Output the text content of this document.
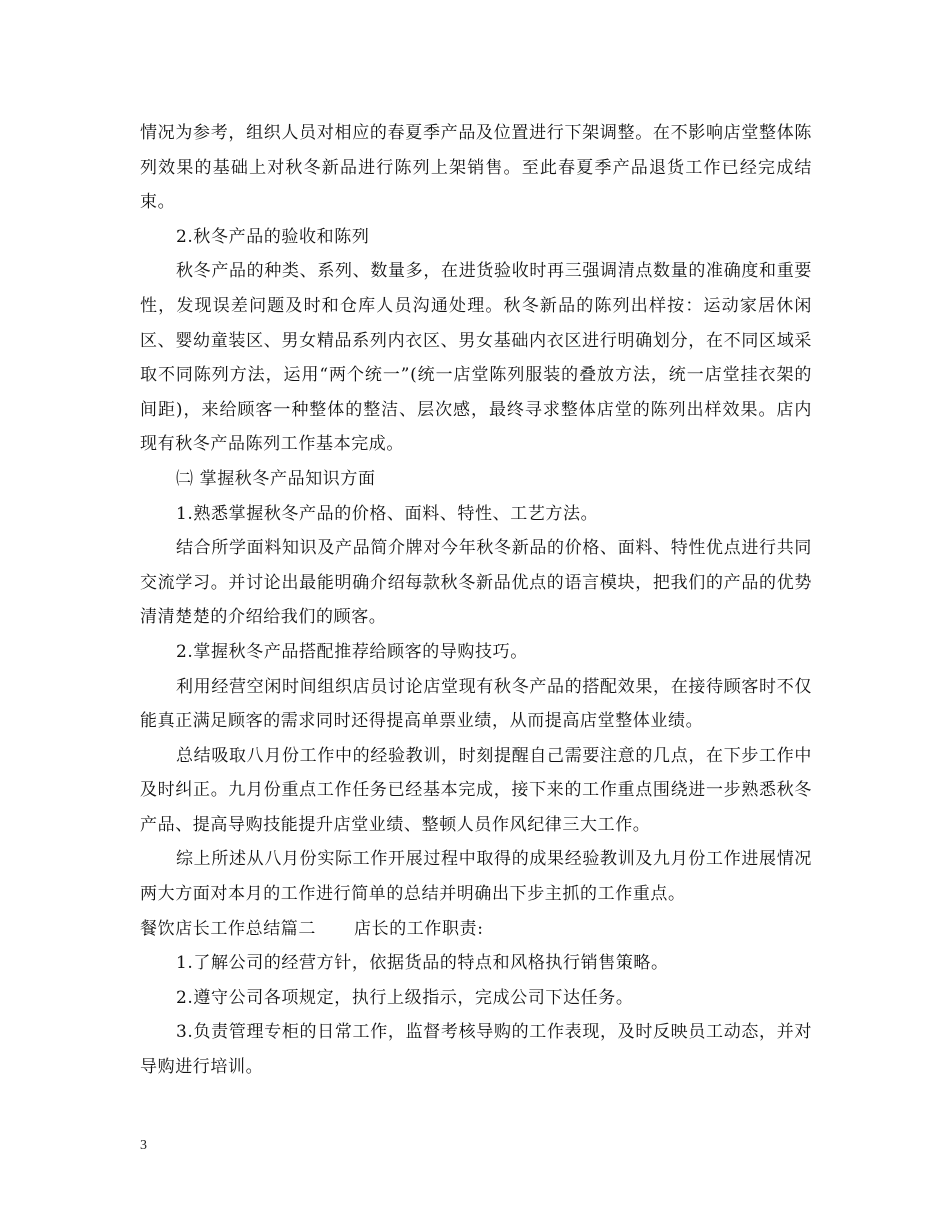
情况为参考，组织人员对相应的春夏季产品及位置进行下架调整。在不影响店堂整体陈列效果的基础上对秋冬新品进行陈列上架销售。至此春夏季产品退货工作已经完成结束。

2.秋冬产品的验收和陈列

秋冬产品的种类、系列、数量多，在进货验收时再三强调清点数量的准确度和重要性，发现误差问题及时和仓库人员沟通处理。秋冬新品的陈列出样按：运动家居休闲区、婴幼童装区、男女精品系列内衣区、男女基础内衣区进行明确划分，在不同区域采取不同陈列方法，运用“两个统一”(统一店堂陈列服装的叠放方法，统一店堂挂衣架的间距)，来给顾客一种整体的整洁、层次感，最终寻求整体店堂的陈列出样效果。店内现有秋冬产品陈列工作基本完成。

㈡ 掌握秋冬产品知识方面

1.熟悉掌握秋冬产品的价格、面料、特性、工艺方法。

结合所学面料知识及产品简介牌对今年秋冬新品的价格、面料、特性优点进行共同交流学习。并讨论出最能明确介绍每款秋冬新品优点的语言模块，把我们的产品的优势清清楚楚的介绍给我们的顾客。

2.掌握秋冬产品搭配推荐给顾客的导购技巧。

利用经营空闲时间组织店员讨论店堂现有秋冬产品的搭配效果，在接待顾客时不仅能真正满足顾客的需求同时还得提高单票业绩，从而提高店堂整体业绩。

总结吸取八月份工作中的经验教训，时刻提醒自己需要注意的几点，在下步工作中及时纠正。九月份重点工作任务已经基本完成，接下来的工作重点围绕进一步熟悉秋冬产品、提高导购技能提升店堂业绩、整顿人员作风纪律三大工作。

综上所述从八月份实际工作开展过程中取得的成果经验教训及九月份工作进展情况两大方面对本月的工作进行简单的总结并明确出下步主抓的工作重点。

餐饮店长工作总结篇二 店长的工作职责:

1.了解公司的经营方针，依据货品的特点和风格执行销售策略。

2.遵守公司各项规定，执行上级指示，完成公司下达任务。

3.负责管理专柜的日常工作，监督考核导购的工作表现，及时反映员工动态，并对导购进行培训。

3
